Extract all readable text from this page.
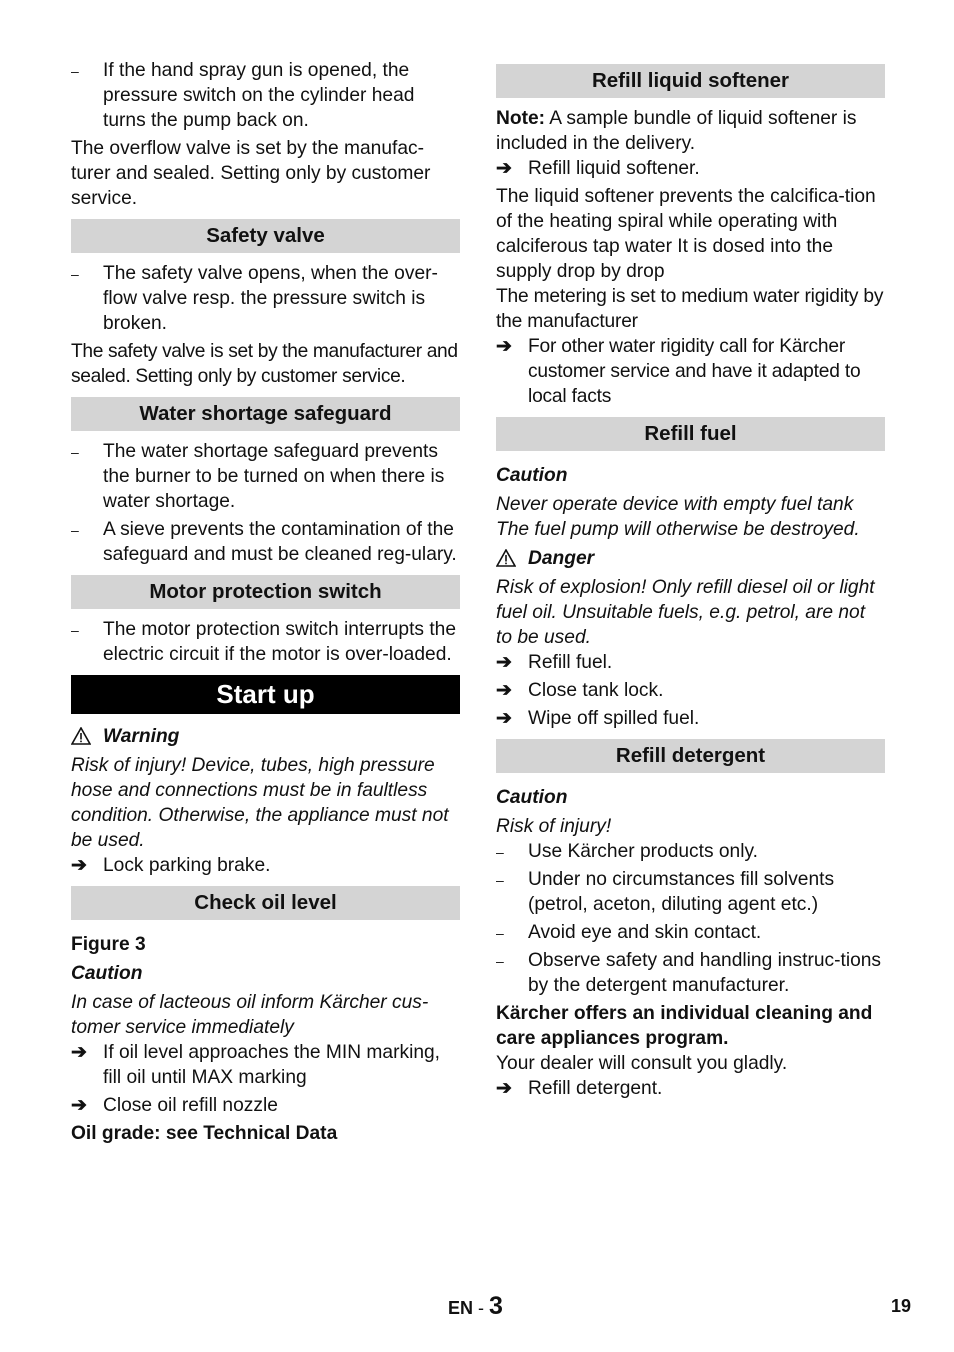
–	If the hand spray gun is opened, the pressure switch on the cylinder head turns the pump back on.

The overflow valve is set by the manufac-turer and sealed. Setting only by customer service.

Safety valve
–	The safety valve opens, when the over-flow valve resp. the pressure switch is broken.

The safety valve is set by the manufacturer and sealed. Setting only by customer service.

Water shortage safeguard
–	The water shortage safeguard prevents the burner to be turned on when there is water shortage.
–	A sieve prevents the contamination of the safeguard and must be cleaned reg-ulary.
Motor protection switch
–	The motor protection switch interrupts the electric circuit if the motor is over-loaded.
Start up
Warning

Risk of injury! Device, tubes, high pressure hose and connections must be in faultless condition. Otherwise, the appliance must not be used.

➔ Lock parking brake.
Check oil level

Figure 3

Caution

In case of lacteous oil inform Kärcher cus-tomer service immediately

➔ If oil level approaches the MIN marking, fill oil until MAX marking
➔ Close oil refill nozzle

Oil grade: see Technical Data

Refill liquid softener

Note: A sample bundle of liquid softener is included in the delivery.

➔ Refill liquid softener.

The liquid softener prevents the calcifica-tion of the heating spiral while operating with calciferous tap water It is dosed into the supply drop by drop

The metering is set to medium water rigidity by the manufacturer

➔ For other water rigidity call for Kärcher customer service and have it adapted to local facts
Refill fuel

Caution

Never operate device with empty fuel tank The fuel pump will otherwise be destroyed.

Danger

Risk of explosion! Only refill diesel oil or light fuel oil. Unsuitable fuels, e.g. petrol, are not to be used.

➔ Refill fuel.
➔ Close tank lock.
➔ Wipe off spilled fuel.
Refill detergent

Caution

Risk of injury!

–	Use Kärcher products only.
–	Under no circumstances fill solvents (petrol, aceton, diluting agent etc.)
–	Avoid eye and skin contact.
–	Observe safety and handling instruc-tions by the detergent manufacturer.

Kärcher offers an individual cleaning and care appliances program.

Your dealer will consult you gladly.

➔ Refill detergent.
EN - 3	19
